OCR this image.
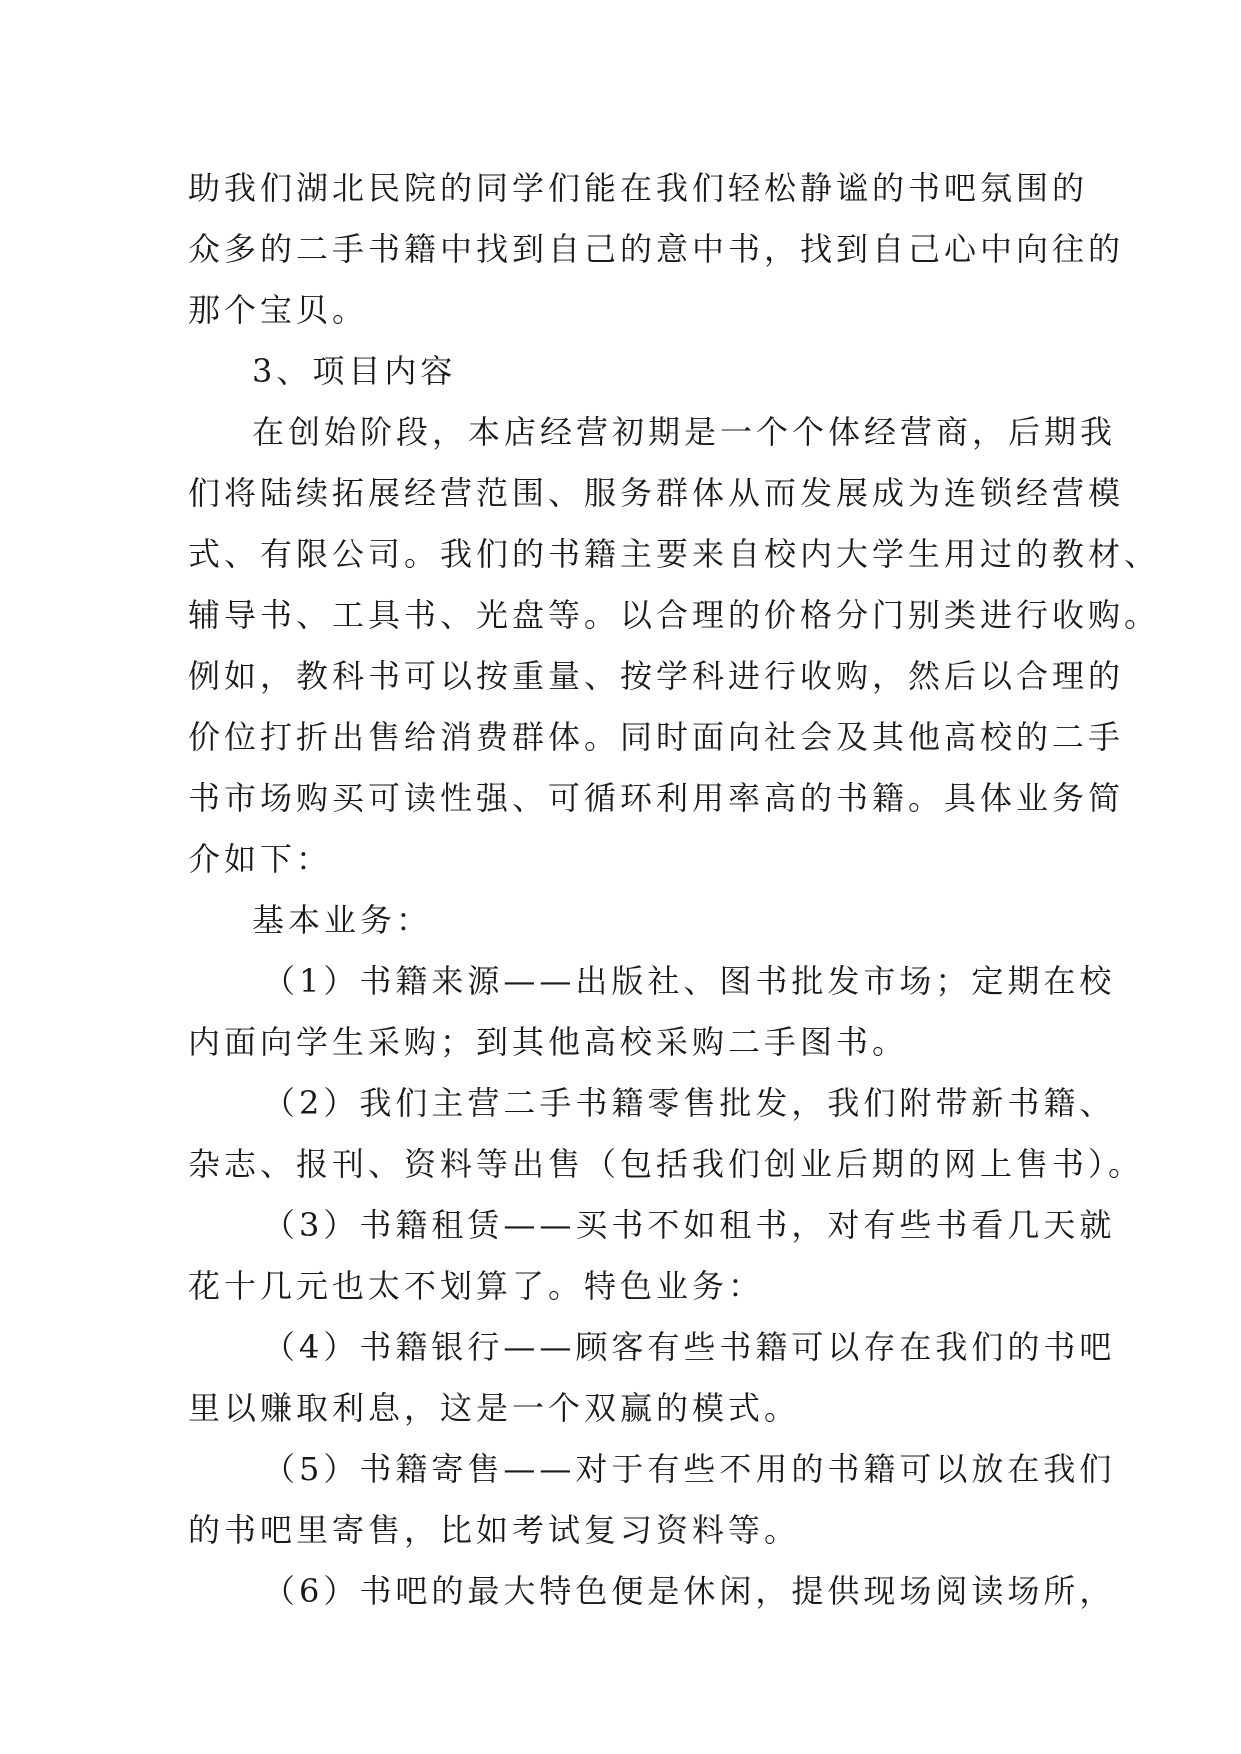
助我们湖北民院的同学们能在我们轻松静谧的书吧氛围的
众多的二手书籍中找到自己的意中书，找到自己心中向往的
那个宝贝。
3、项目内容
在创始阶段，本店经营初期是一个个体经营商，后期我
们将陆续拓展经营范围、服务群体从而发展成为连锁经营模
式、有限公司。我们的书籍主要来自校内大学生用过的教材、
辅导书、工具书、光盘等。以合理的价格分门别类进行收购。
例如，教科书可以按重量、按学科进行收购，然后以合理的
价位打折出售给消费群体。同时面向社会及其他高校的二手
书市场购买可读性强、可循环利用率高的书籍。具体业务简
介如下：
基本业务：
（1）书籍来源——出版社、图书批发市场；定期在校
内面向学生采购；到其他高校采购二手图书。
（2）我们主营二手书籍零售批发，我们附带新书籍、
杂志、报刊、资料等出售（包括我们创业后期的网上售书）。
（3）书籍租赁——买书不如租书，对有些书看几天就
花十几元也太不划算了。特色业务：
（4）书籍银行——顾客有些书籍可以存在我们的书吧
里以赚取利息，这是一个双赢的模式。
（5）书籍寄售——对于有些不用的书籍可以放在我们
的书吧里寄售，比如考试复习资料等。
（6）书吧的最大特色便是休闲，提供现场阅读场所，
